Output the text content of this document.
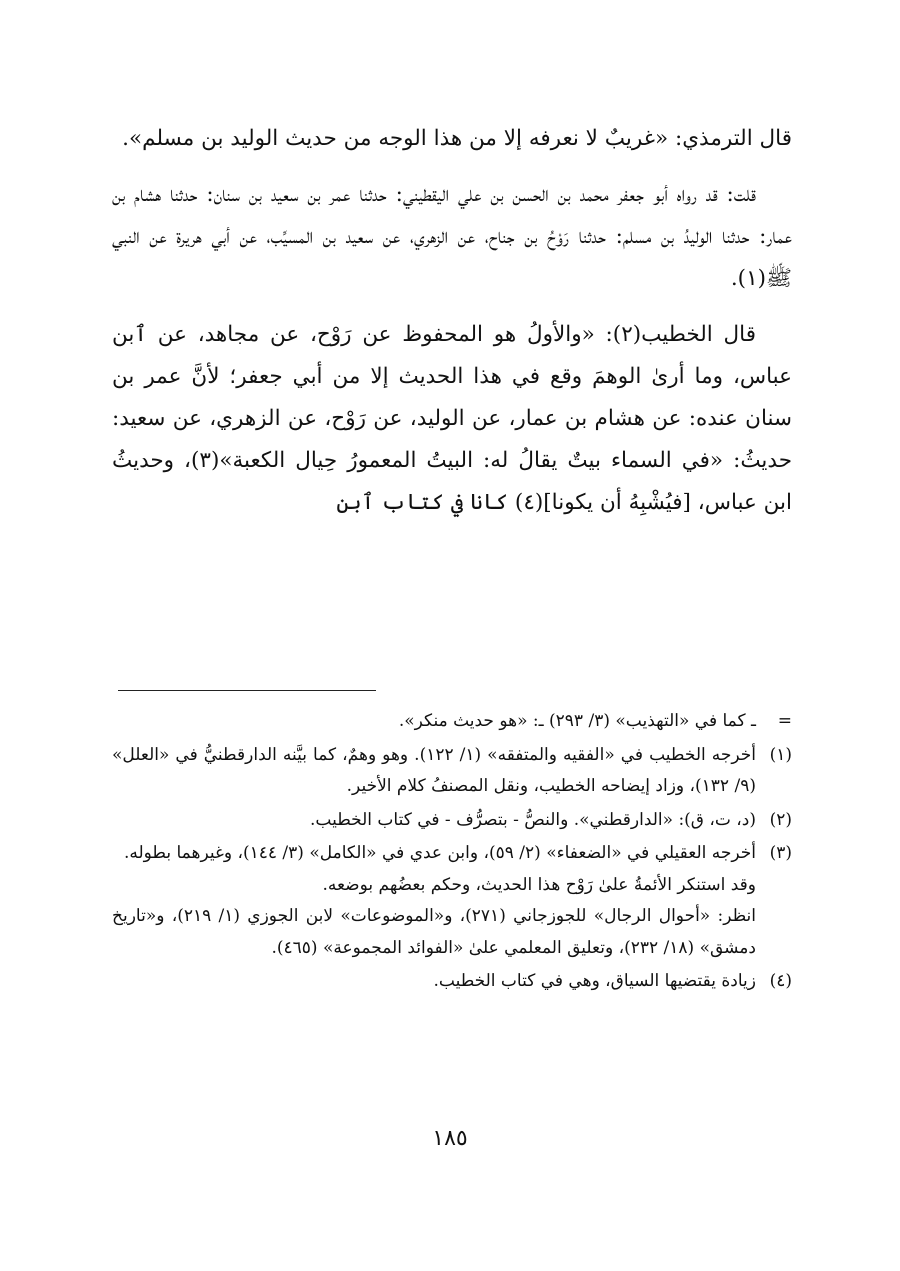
قال الترمذي: «غريبٌ لا نعرفه إلا من هذا الوجه من حديث الوليد بن مسلم».

قلت: قد رواه أبو جعفر محمد بن الحسن بن علي اليقطيني: حدثنا عمر بن سعيد بن سنان: حدثنا هشام بن عمار: حدثنا الوليدُ بن مسلم: حدثنا رَوْحُ بن جناح، عن الزهري، عن سعيد بن المسيِّب، عن أبي هريرة عن النبي ﷺ(١).

قال الخطيب(٢): «والأولُ هو المحفوظ عن رَوْح، عن مجاهد، عن ٱبن عباس، وما أرىٰ الوهمَ وقع في هذا الحديث إلا من أبي جعفر؛ لأنَّ عمر بن سنان عنده: عن هشام بن عمار، عن الوليد، عن رَوْح، عن الزهري، عن سعيد: حديثُ: «في السماء بيتٌ يقالُ له: البيتُ المعمورُ حِيال الكعبة»(٣)، وحديثُ ابن عباس، [فيُشْبِهُ أن يكونا](٤) كانا في كتاب ٱبن

=
ـ كما في «التهذيب» (٣/ ٢٩٣) ـ: «هو حديث منكر».
(١)

أخرجه الخطيب في «الفقيه والمتفقه» (١/ ١٢٢). وهو وهمٌ، كما بيَّنه الدارقطنيُّ في «العلل» (٩/ ١٣٢)، وزاد إيضاحه الخطيب، ونقل المصنفُ كلام الأخير.

(٢)

(د، ت، ق): «الدارقطني». والنصُّ - بتصرُّف - في كتاب الخطيب.

(٣)

أخرجه العقيلي في «الضعفاء» (٢/ ٥٩)، وابن عدي في «الكامل» (٣/ ١٤٤)، وغيرهما بطوله.

وقد استنكر الأئمةُ علىٰ رَوْح هذا الحديث، وحكم بعضُهم بوضعه.

انظر: «أحوال الرجال» للجوزجاني (٢٧١)، و«الموضوعات» لابن الجوزي (١/ ٢١٩)، و«تاريخ دمشق» (١٨/ ٢٣٢)، وتعليق المعلمي علىٰ «الفوائد المجموعة» (٤٦٥).

(٤)

زيادة يقتضيها السياق، وهي في كتاب الخطيب.

١٨٥
